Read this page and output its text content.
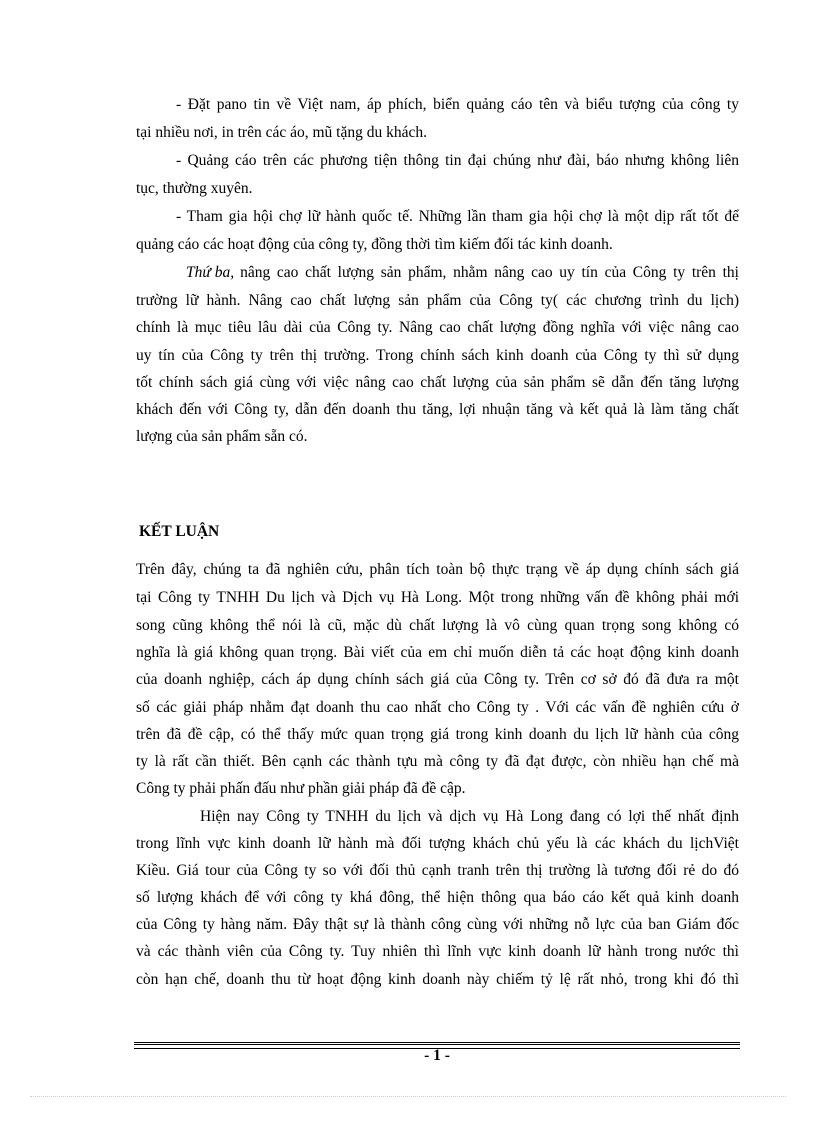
- Đặt pano tin về Việt nam, áp phích, biển quảng cáo tên và biểu tượng của công ty
tại nhiều nơi, in trên các áo, mũ tặng du khách.
- Quảng cáo trên các phương tiện thông tin đại chúng như đài, báo nhưng không liên
tục, thường xuyên.
- Tham gia hội chợ lữ hành quốc tế. Những lần tham gia hội chợ là một dịp rất tốt để
quảng cáo các hoạt động của công ty, đồng thời tìm kiếm đối tác kinh doanh.
Thứ ba, nâng cao chất lượng sản phẩm, nhằm nâng cao uy tín của Công ty trên thị
trường lữ hành. Nâng cao chất lượng sản phẩm của Công ty( các chương trình du lịch)
chính là mục tiêu lâu dài của Công ty. Nâng cao chất lượng đồng nghĩa với việc nâng cao
uy tín của Công ty trên thị trường. Trong chính sách kinh doanh của Công ty thì sử dụng
tốt chính sách giá cùng với việc nâng cao chất lượng của sản phẩm sẽ dẫn đến tăng lượng
khách đến với Công ty, dẫn đến doanh thu tăng, lợi nhuận tăng và kết quả là làm tăng chất
lượng của sản phẩm sẵn có.
KẾT LUẬN
Trên đây, chúng ta đã nghiên cứu, phân tích toàn bộ thực trạng về áp dụng chính sách giá
tại Công ty TNHH Du lịch và Dịch vụ Hà Long. Một trong những vấn đề không phải mới
song cũng không thể nói là cũ, mặc dù chất lượng là vô cùng quan trọng song không có
nghĩa là giá không quan trọng. Bài viết của em chỉ muốn diễn tả các hoạt động kinh doanh
của doanh nghiệp, cách áp dụng chính sách giá của Công ty. Trên cơ sở đó đã đưa ra một
số các giải pháp nhằm đạt doanh thu cao nhất cho Công ty . Với các vấn đề nghiên cứu ở
trên đã đề cập, có thể thấy mức quan trọng giá trong kinh doanh du lịch lữ hành của công
ty là rất cần thiết. Bên cạnh các thành tựu mà công ty đã đạt được, còn nhiều hạn chế mà
Công ty phải phấn đấu như phần giải pháp đã đề cập.
Hiện nay Công ty TNHH du lịch và dịch vụ Hà Long đang có lợi thế nhất định
trong lĩnh vực kinh doanh lữ hành mà đối tượng khách chủ yếu là các khách du lịchViệt
Kiều. Giá tour của Công ty so với đối thủ cạnh tranh trên thị trường là tương đối rẻ do đó
số lượng khách để với công ty khá đông, thể hiện thông qua báo cáo kết quả kinh doanh
của Công ty hàng năm. Đây thật sự là thành công cùng với những nỗ lực của ban Giám đốc
và các thành viên của Công ty. Tuy nhiên thì lĩnh vực kinh doanh lữ hành trong nước thì
còn hạn chế, doanh thu từ hoạt động kinh doanh này chiếm tỷ lệ rất nhỏ, trong khi đó thì
- 1 -
